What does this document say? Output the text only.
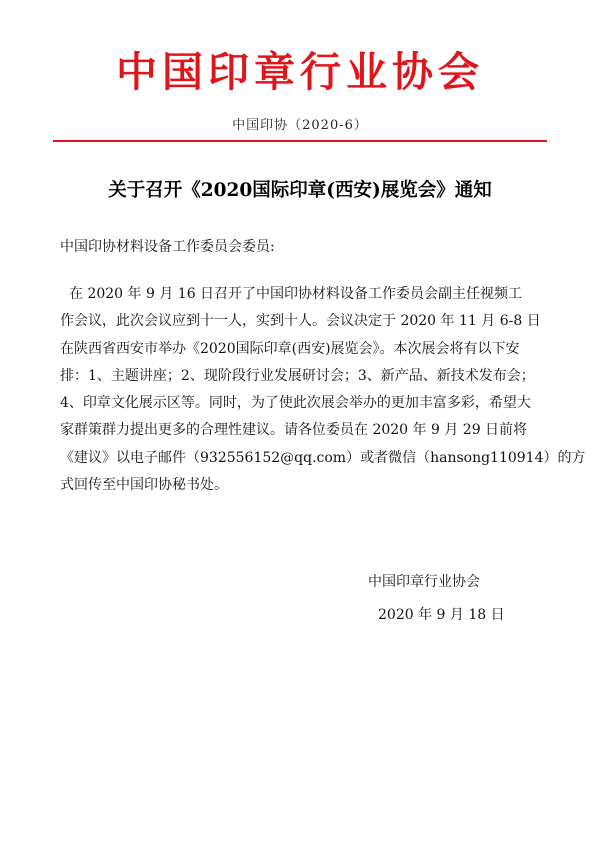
中国印章行业协会
中国印协（2020-6）
关于召开《2020国际印章(西安)展览会》通知
中国印协材料设备工作委员会委员:
在 2020 年 9 月 16 日召开了中国印协材料设备工作委员会副主任视频工
作会议，此次会议应到十一人，实到十人。会议决定于 2020 年 11 月 6-8 日
在陕西省西安市举办《2020国际印章(西安)展览会》。本次展会将有以下安
排：1、主题讲座；2、现阶段行业发展研讨会；3、新产品、新技术发布会；
4、印章文化展示区等。同时，为了使此次展会举办的更加丰富多彩，希望大
家群策群力提出更多的合理性建议。请各位委员在 2020 年 9 月 29 日前将
《建议》以电子邮件（932556152@qq.com）或者微信（hansong110914）的方
式回传至中国印协秘书处。
中国印章行业协会
2020 年 9 月 18 日
